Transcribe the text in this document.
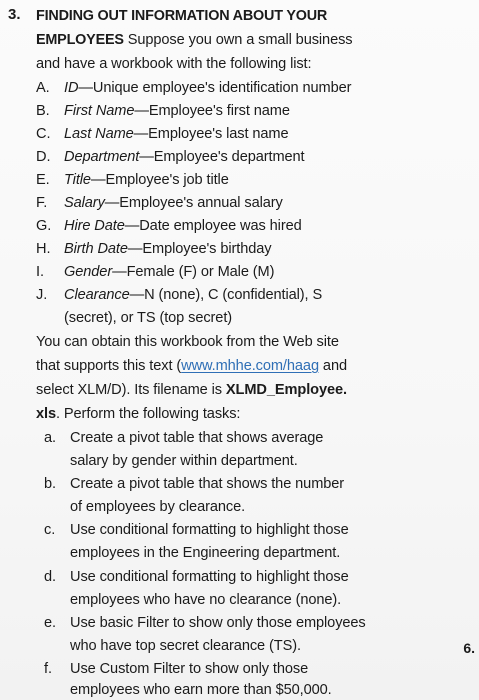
3. FINDING OUT INFORMATION ABOUT YOUR
EMPLOYEES Suppose you own a small business
and have a workbook with the following list:
A. ID—Unique employee's identification number
B. First Name—Employee's first name
C. Last Name—Employee's last name
D. Department—Employee's department
E. Title—Employee's job title
F. Salary—Employee's annual salary
G. Hire Date—Date employee was hired
H. Birth Date—Employee's birthday
I. Gender—Female (F) or Male (M)
J. Clearance—N (none), C (confidential), S
(secret), or TS (top secret)
You can obtain this workbook from the Web site
that supports this text (www.mhhe.com/haag and
select XLM/D). Its filename is XLMD_Employee.
xls. Perform the following tasks:
a. Create a pivot table that shows average
salary by gender within department.
b. Create a pivot table that shows the number
of employees by clearance.
c. Use conditional formatting to highlight those
employees in the Engineering department.
d. Use conditional formatting to highlight those
employees who have no clearance (none).
e. Use basic Filter to show only those employees
who have top secret clearance (TS).
f. Use Custom Filter to show only those
employees who earn more than $50,000.
6.
